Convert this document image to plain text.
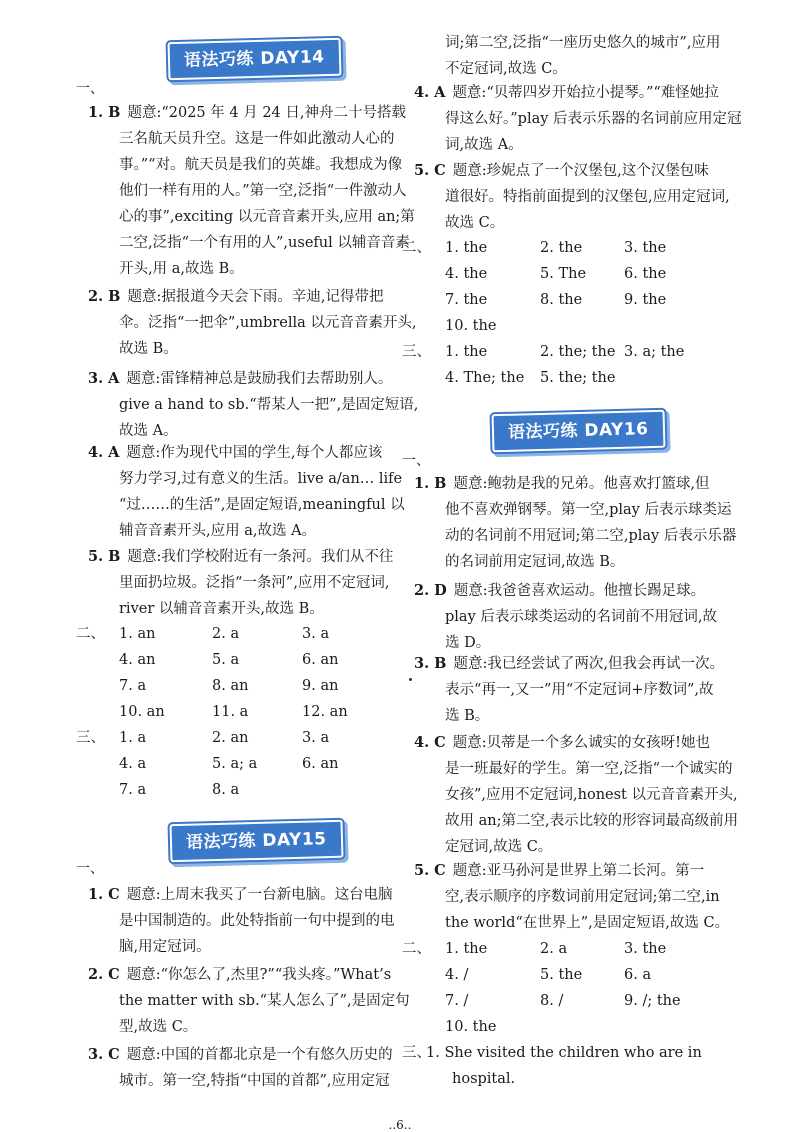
语法巧练 DAY14
一、
1. B 题意:“2025 年 4 月 24 日,神舟二十号搭载
三名航天员升空。这是一件如此激动人心的
事。”“对。航天员是我们的英雄。我想成为像
他们一样有用的人。”第一空,泛指“一件激动人
心的事”,exciting 以元音音素开头,应用 an;第
二空,泛指“一个有用的人”,useful 以辅音音素
开头,用 a,故选 B。
2. B 题意:据报道今天会下雨。辛迪,记得带把
伞。泛指“一把伞”,umbrella 以元音音素开头,
故选 B。
3. A 题意:雷锋精神总是鼓励我们去帮助别人。
give a hand to sb.“帮某人一把”,是固定短语,
故选 A。
4. A 题意:作为现代中国的学生,每个人都应该
努力学习,过有意义的生活。live a/an… life
“过……的生活”,是固定短语,meaningful 以
辅音音素开头,应用 a,故选 A。
5. B 题意:我们学校附近有一条河。我们从不往
里面扔垃圾。泛指“一条河”,应用不定冠词,
river 以辅音音素开头,故选 B。
二、 1. an	2. a	3. a
4. an	5. a	6. an
7. a	8. an	9. an
10. an	11. a	12. an
三、 1. a	2. an	3. a
4. a	5. a; a	6. an
7. a	8. a
语法巧练 DAY15
一、
1. C 题意:上周末我买了一台新电脑。这台电脑
是中国制造的。此处特指前一句中提到的电
脑,用定冠词。
2. C 题意:“你怎么了,杰里?”“我头疼。”What’s
the matter with sb.“某人怎么了”,是固定句
型,故选 C。
3. C 题意:中国的首都北京是一个有悠久历史的
城市。第一空,特指“中国的首都”,应用定冠
词;第二空,泛指“一座历史悠久的城市”,应用
不定冠词,故选 C。
4. A 题意:“贝蒂四岁开始拉小提琴。”“难怪她拉
得这么好。”play 后表示乐器的名词前应用定冠
词,故选 A。
5. C 题意:珍妮点了一个汉堡包,这个汉堡包味
道很好。特指前面提到的汉堡包,应用定冠词,
故选 C。
二、 1. the	2. the	3. the
4. the	5. The	6. the
7. the	8. the	9. the
10. the
三、 1. the	2. the; the 3. a; the
4. The; the 5. the; the
语法巧练 DAY16
一、
1. B 题意:鲍勃是我的兄弟。他喜欢打篮球,但
他不喜欢弹钢琴。第一空,play 后表示球类运
动的名词前不用冠词;第二空,play 后表示乐器
的名词前用定冠词,故选 B。
2. D 题意:我爸爸喜欢运动。他擅长踢足球。
play 后表示球类运动的名词前不用冠词,故
选 D。
3. B 题意:我已经尝试了两次,但我会再试一次。
表示“再一,又一”用“不定冠词+序数词”,故
选 B。
4. C 题意:贝蒂是一个多么诚实的女孩呀!她也
是一班最好的学生。第一空,泛指“一个诚实的
女孩”,应用不定冠词,honest 以元音音素开头,
故用 an;第二空,表示比较的形容词最高级前用
定冠词,故选 C。
5. C 题意:亚马孙河是世界上第二长河。第一
空,表示顺序的序数词前用定冠词;第二空,in
the world“在世界上”,是固定短语,故选 C。
二、 1. the	2. a	3. the
4. /	5. the	6. a
7. /	8. /	9. /; the
10. the
三、
1. She visited the children who are in
hospital.
..6..
